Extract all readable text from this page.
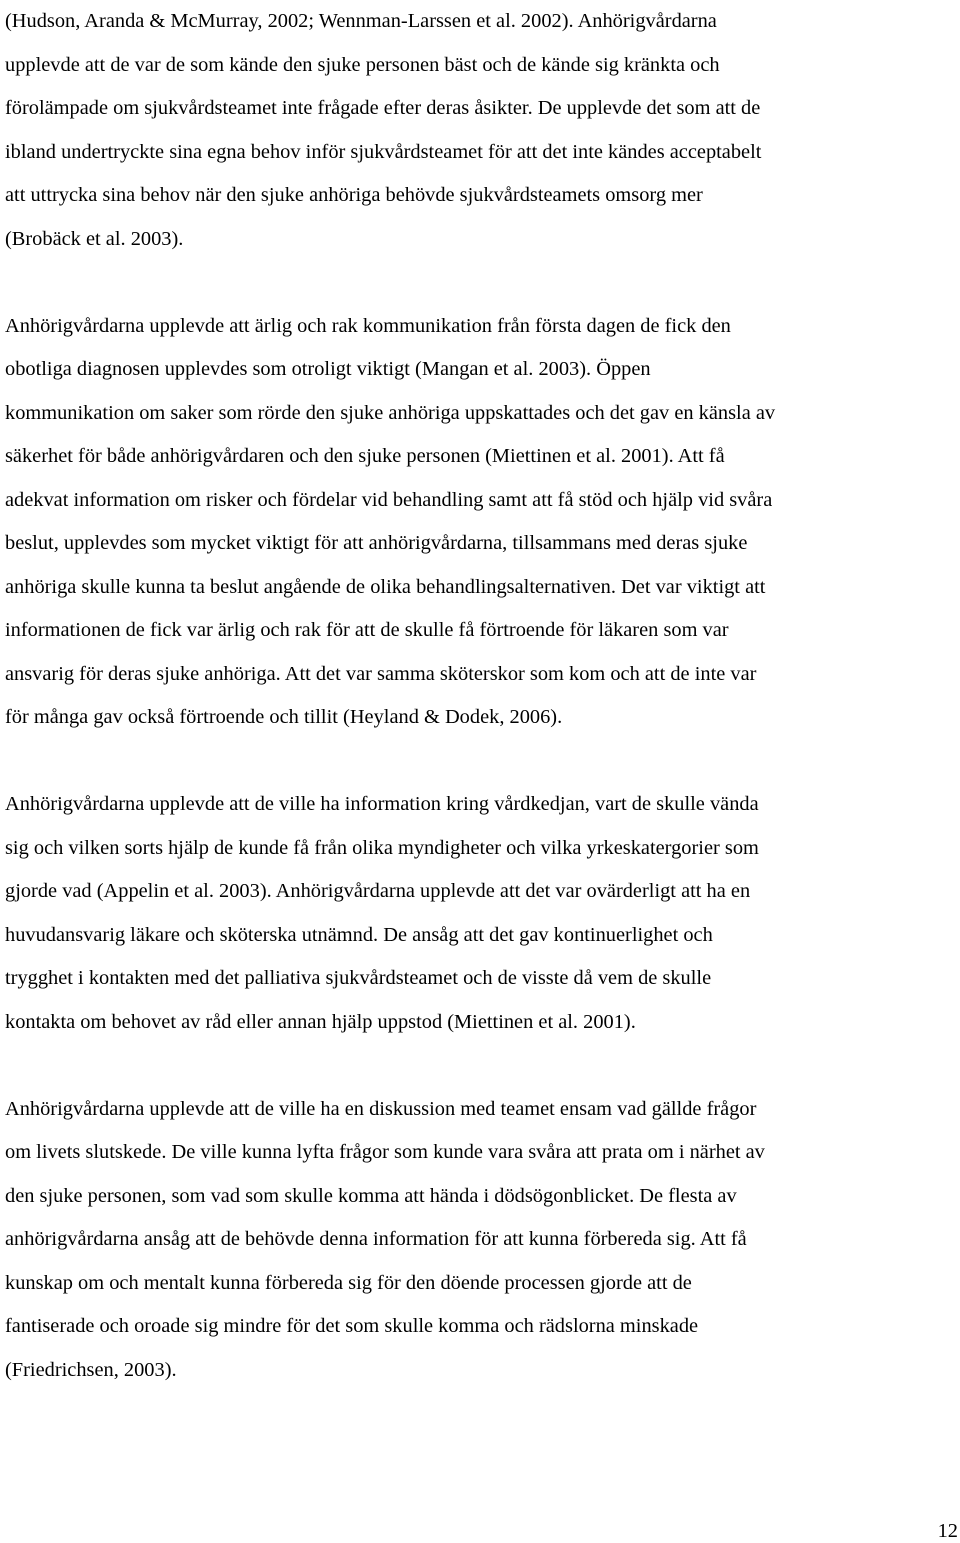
(Hudson, Aranda & McMurray, 2002; Wennman-Larssen et al. 2002). Anhörigvårdarna
upplevde att de var de som kände den sjuke personen bäst och de kände sig kränkta och
förolämpade om sjukvårdsteamet inte frågade efter deras åsikter. De upplevde det som att de
ibland undertryckte sina egna behov inför sjukvårdsteamet för att det inte kändes acceptabelt
att uttrycka sina behov när den sjuke anhöriga behövde sjukvårdsteamets omsorg mer
(Brobäck et al. 2003).

Anhörigvårdarna upplevde att ärlig och rak kommunikation från första dagen de fick den
obotliga diagnosen upplevdes som otroligt viktigt (Mangan et al. 2003). Öppen
kommunikation om saker som rörde den sjuke anhöriga uppskattades och det gav en känsla av
säkerhet för både anhörigvårdaren och den sjuke personen (Miettinen et al. 2001). Att få
adekvat information om risker och fördelar vid behandling samt att få stöd och hjälp vid svåra
beslut, upplevdes som mycket viktigt för att anhörigvårdarna, tillsammans med deras sjuke
anhöriga skulle kunna ta beslut angående de olika behandlingsalternativen. Det var viktigt att
informationen de fick var ärlig och rak för att de skulle få förtroende för läkaren som var
ansvarig för deras sjuke anhöriga. Att det var samma sköterskor som kom och att de inte var
för många gav också förtroende och tillit (Heyland & Dodek, 2006).

Anhörigvårdarna upplevde att de ville ha information kring vårdkedjan, vart de skulle vända
sig och vilken sorts hjälp de kunde få från olika myndigheter och vilka yrkeskatergorier som
gjorde vad (Appelin et al. 2003). Anhörigvårdarna upplevde att det var ovärderligt att ha en
huvudansvarig läkare och sköterska utnämnd. De ansåg att det gav kontinuerlighet och
trygghet i kontakten med det palliativa sjukvårdsteamet och de visste då vem de skulle
kontakta om behovet av råd eller annan hjälp uppstod (Miettinen et al. 2001).

Anhörigvårdarna upplevde att de ville ha en diskussion med teamet ensam vad gällde frågor
om livets slutskede. De ville kunna lyfta frågor som kunde vara svåra att prata om i närhet av
den sjuke personen, som vad som skulle komma att hända i dödsögonblicket. De flesta av
anhörigvårdarna ansåg att de behövde denna information för att kunna förbereda sig. Att få
kunskap om och mentalt kunna förbereda sig för den döende processen gjorde att de
fantiserade och oroade sig mindre för det som skulle komma och rädslorna minskade
(Friedrichsen, 2003).

12
